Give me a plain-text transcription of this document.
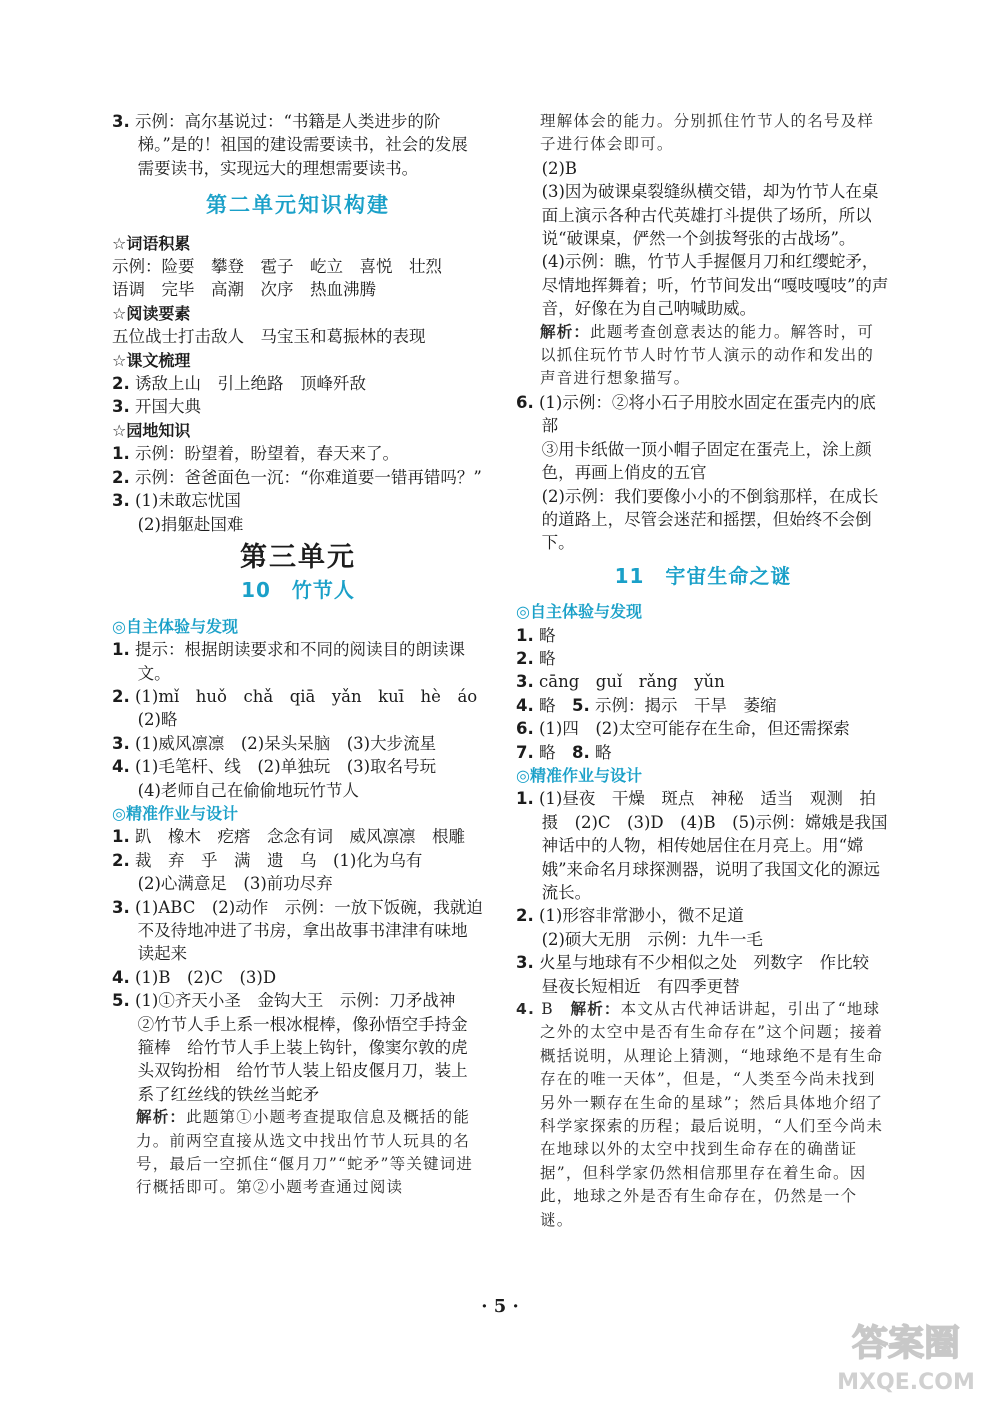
3. 示例：高尔基说过：“书籍是人类进步的阶梯。”是的！祖国的建设需要读书，社会的发展需要读书，实现远大的理想需要读书。

第二单元知识构建

☆词语积累

示例：险要　攀登　雹子　屹立　喜悦　壮烈

语调　完毕　高潮　次序　热血沸腾

☆阅读要素

五位战士打击敌人　马宝玉和葛振林的表现

☆课文梳理

2. 诱敌上山　引上绝路　顶峰歼敌

3. 开国大典

☆园地知识

1. 示例：盼望着，盼望着，春天来了。

2. 示例：爸爸面色一沉：“你难道要一错再错吗？”

3. (1)未敢忘忧国

(2)捐躯赴国难

第三单元

10　竹节人

◎自主体验与发现

1. 提示：根据朗读要求和不同的阅读目的朗读课文。

2. (1)mǐ　huǒ　chǎ　qiā　yǎn　kuī　hè　áo

(2)略

3. (1)威风凛凛　(2)呆头呆脑　(3)大步流星

4. (1)毛笔杆、线　(2)单独玩　(3)取名号玩

(4)老师自己在偷偷地玩竹节人

◎精准作业与设计

1. 趴　橡木　疙瘩　念念有词　威风凛凛　根雕

2. 裁　弃　乎　满　遗　乌　(1)化为乌有

(2)心满意足　(3)前功尽弃

3. (1)ABC　(2)动作　示例：一放下饭碗，我就迫不及待地冲进了书房，拿出故事书津津有味地读起来

4. (1)B　(2)C　(3)D

5. (1)①齐天小圣　金钩大王　示例：刀矛战神

②竹节人手上系一根冰棍棒，像孙悟空手持金箍棒　给竹节人手上装上钩针，像窦尔敦的虎头双钩扮相　给竹节人装上铅皮偃月刀，装上系了红丝线的铁丝当蛇矛

解析：此题第①小题考查提取信息及概括的能力。前两空直接从选文中找出竹节人玩具的名号，最后一空抓住“偃月刀”“蛇矛”等关键词进行概括即可。第②小题考查通过阅读

理解体会的能力。分别抓住竹节人的名号及样子进行体会即可。

(2)B

(3)因为破课桌裂缝纵横交错，却为竹节人在桌面上演示各种古代英雄打斗提供了场所，所以说“破课桌，俨然一个剑拔弩张的古战场”。

(4)示例：瞧，竹节人手握偃月刀和红缨蛇矛，尽情地挥舞着；听，竹节间发出“嘎吱嘎吱”的声音，好像在为自己呐喊助威。

解析：此题考查创意表达的能力。解答时，可以抓住玩竹节人时竹节人演示的动作和发出的声音进行想象描写。

6. (1)示例：②将小石子用胶水固定在蛋壳内的底部

③用卡纸做一顶小帽子固定在蛋壳上，涂上颜色，再画上俏皮的五官

(2)示例：我们要像小小的不倒翁那样，在成长的道路上，尽管会迷茫和摇摆，但始终不会倒下。

11　宇宙生命之谜

◎自主体验与发现

1. 略

2. 略

3. cāng　guǐ　rǎng　yǔn

4. 略　5. 示例：揭示　干旱　萎缩

6. (1)四　(2)太空可能存在生命，但还需探索

7. 略　8. 略

◎精准作业与设计

1. (1)昼夜　干燥　斑点　神秘　适当　观测　拍摄　(2)C　(3)D　(4)B　(5)示例：嫦娥是我国神话中的人物，相传她居住在月亮上。用“嫦娥”来命名月球探测器，说明了我国文化的源远流长。

2. (1)形容非常渺小，微不足道

(2)硕大无朋　示例：九牛一毛

3. 火星与地球有不少相似之处　列数字　作比较　昼夜长短相近　有四季更替

4. B　解析：本文从古代神话讲起，引出了“地球之外的太空中是否有生命存在”这个问题；接着概括说明，从理论上猜测，“地球绝不是有生命存在的唯一天体”，但是，“人类至今尚未找到另外一颗存在生命的星球”；然后具体地介绍了科学家探索的历程；最后说明，“人们至今尚未在地球以外的太空中找到生命存在的确凿证据”，但科学家仍然相信那里存在着生命。因此，地球之外是否有生命存在，仍然是一个谜。

· 5 ·
答案圈
MXQE.COM
